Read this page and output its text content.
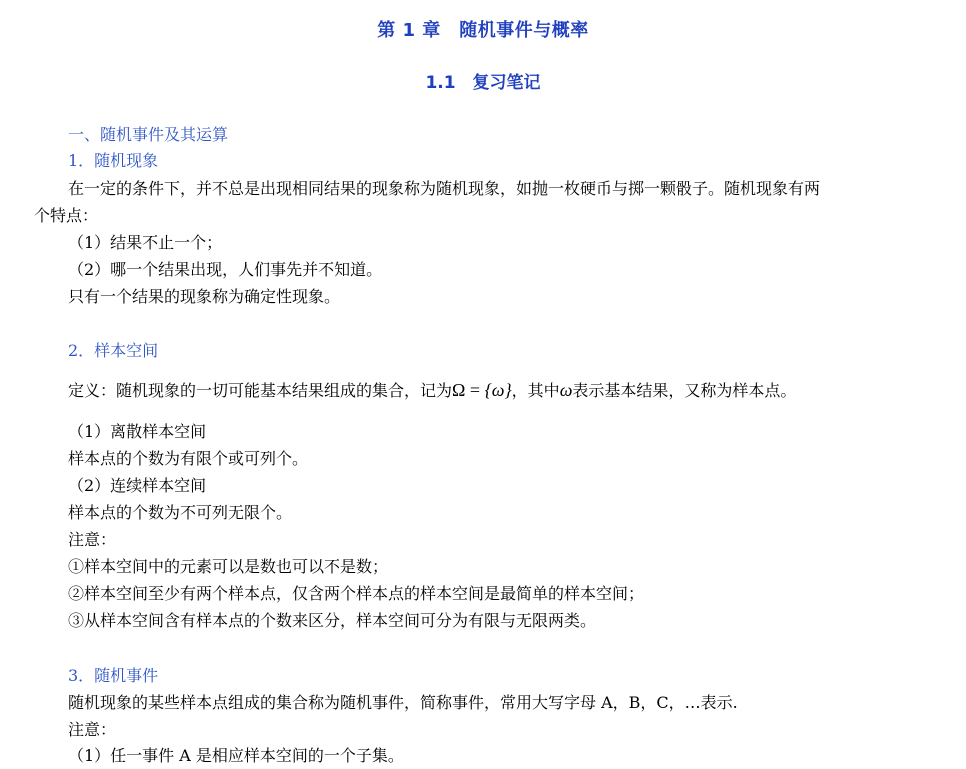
第 1 章　随机事件与概率
1.1　复习笔记
一、随机事件及其运算
1．随机现象
在一定的条件下，并不总是出现相同结果的现象称为随机现象，如抛一枚硬币与掷一颗骰子。随机现象有两
个特点：
（1）结果不止一个；
（2）哪一个结果出现，人们事先并不知道。
只有一个结果的现象称为确定性现象。
2．样本空间
定义：随机现象的一切可能基本结果组成的集合，记为Ω = {ω}，其中ω表示基本结果，又称为样本点。
（1）离散样本空间
样本点的个数为有限个或可列个。
（2）连续样本空间
样本点的个数为不可列无限个。
注意：
①样本空间中的元素可以是数也可以不是数；
②样本空间至少有两个样本点，仅含两个样本点的样本空间是最简单的样本空间；
③从样本空间含有样本点的个数来区分，样本空间可分为有限与无限两类。
3．随机事件
随机现象的某些样本点组成的集合称为随机事件，简称事件，常用大写字母 A，B，C，…表示.
注意：
（1）任一事件 A 是相应样本空间的一个子集。
